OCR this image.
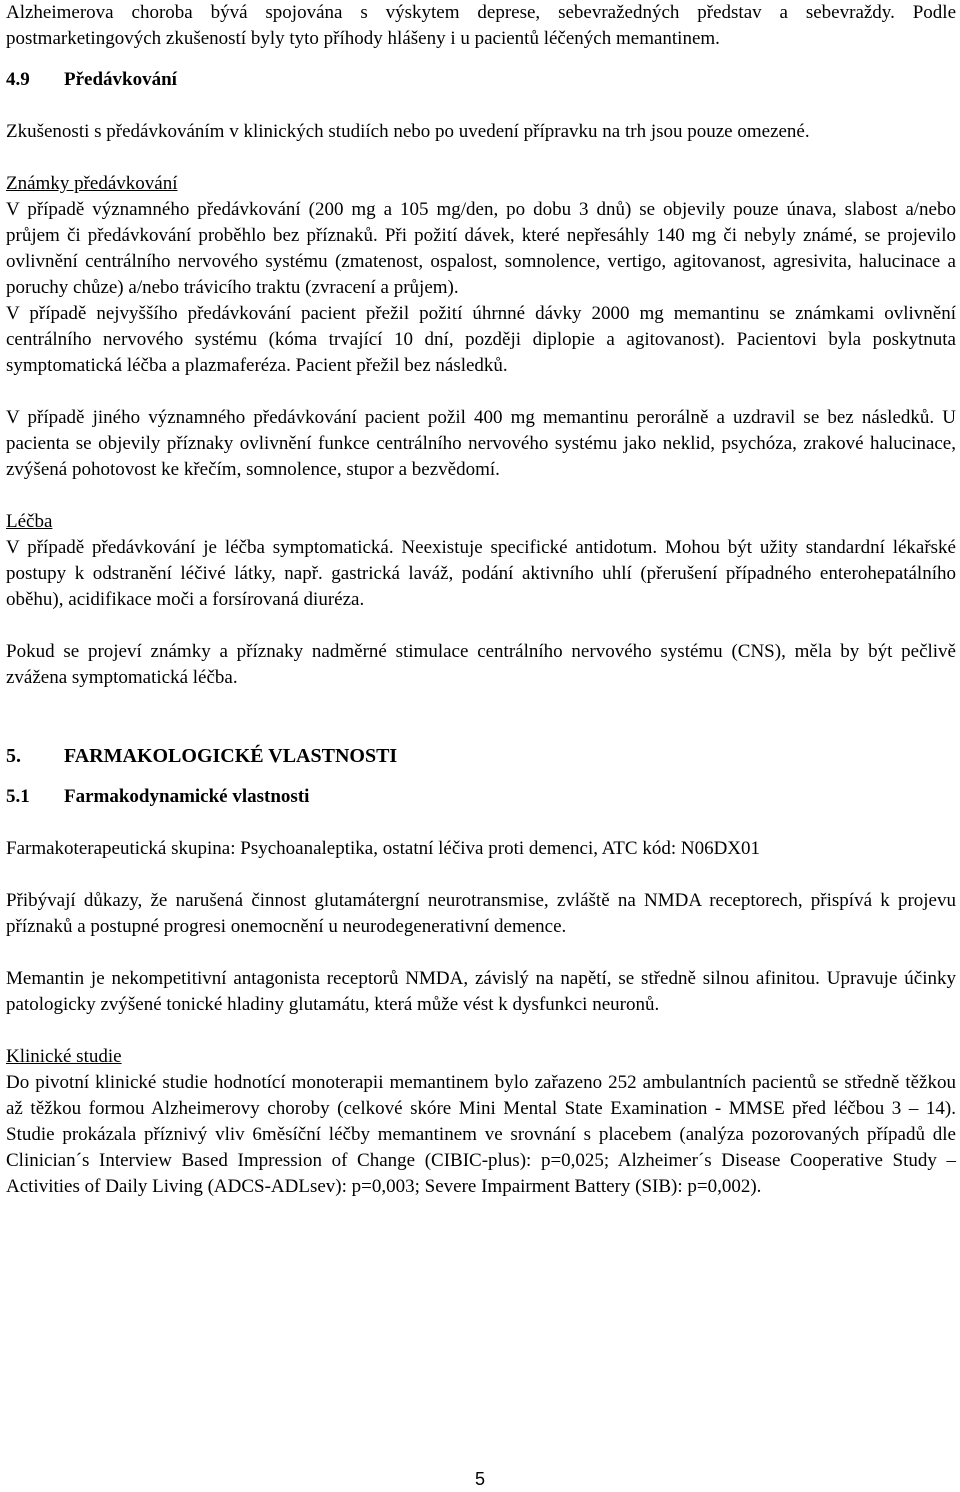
Alzheimerova choroba bývá spojována s výskytem deprese, sebevražedných představ a sebevraždy. Podle postmarketingových zkušeností byly tyto příhody hlášeny i u pacientů léčených memantinem.

4.9	Předávkování

Zkušenosti s předávkováním v klinických studiích nebo po uvedení přípravku na trh jsou pouze omezené.

Známky předávkování

V případě významného předávkování (200 mg a 105 mg/den, po dobu 3 dnů) se objevily pouze únava, slabost a/nebo průjem či předávkování proběhlo bez příznaků. Při požití dávek, které nepřesáhly 140 mg či nebyly známé, se projevilo ovlivnění centrálního nervového systému (zmatenost, ospalost, somnolence, vertigo, agitovanost, agresivita, halucinace a poruchy chůze) a/nebo trávicího traktu (zvracení a průjem).

V případě nejvyššího předávkování pacient přežil požití úhrnné dávky 2000 mg memantinu se známkami ovlivnění centrálního nervového systému (kóma trvající 10 dní, později diplopie a agitovanost). Pacientovi byla poskytnuta symptomatická léčba a plazmaferéza. Pacient přežil bez následků.

V případě jiného významného předávkování pacient požil 400 mg memantinu perorálně a uzdravil se bez následků. U pacienta se objevily příznaky ovlivnění funkce centrálního nervového systému jako neklid, psychóza, zrakové halucinace, zvýšená pohotovost ke křečím, somnolence, stupor a bezvědomí.

Léčba

V případě předávkování je léčba symptomatická. Neexistuje specifické antidotum. Mohou být užity standardní lékařské postupy k odstranění léčivé látky, např. gastrická laváž, podání aktivního uhlí (přerušení případného enterohepatálního oběhu), acidifikace moči a forsírovaná diuréza.

Pokud se projeví známky a příznaky nadměrné stimulace centrálního nervového systému (CNS), měla by být pečlivě zvážena symptomatická léčba.

5.	FARMAKOLOGICKÉ VLASTNOSTI
5.1	Farmakodynamické vlastnosti

Farmakoterapeutická skupina: Psychoanaleptika, ostatní léčiva proti demenci, ATC kód: N06DX01

Přibývají důkazy, že narušená činnost glutamátergní neurotransmise, zvláště na NMDA receptorech, přispívá k projevu příznaků a postupné progresi onemocnění u neurodegenerativní demence.

Memantin je nekompetitivní antagonista receptorů NMDA, závislý na napětí, se středně silnou afinitou. Upravuje účinky patologicky zvýšené tonické hladiny glutamátu, která může vést k dysfunkci neuronů.

Klinické studie

Do pivotní klinické studie hodnotící monoterapii memantinem bylo zařazeno 252 ambulantních pacientů se středně těžkou až těžkou formou Alzheimerovy choroby (celkové skóre Mini Mental State Examination - MMSE před léčbou 3 – 14). Studie prokázala příznivý vliv 6měsíční léčby memantinem ve srovnání s placebem (analýza pozorovaných případů dle Clinician´s Interview Based Impression of Change (CIBIC-plus): p=0,025; Alzheimer´s Disease Cooperative Study – Activities of Daily Living (ADCS-ADLsev): p=0,003; Severe Impairment Battery (SIB): p=0,002).

5
